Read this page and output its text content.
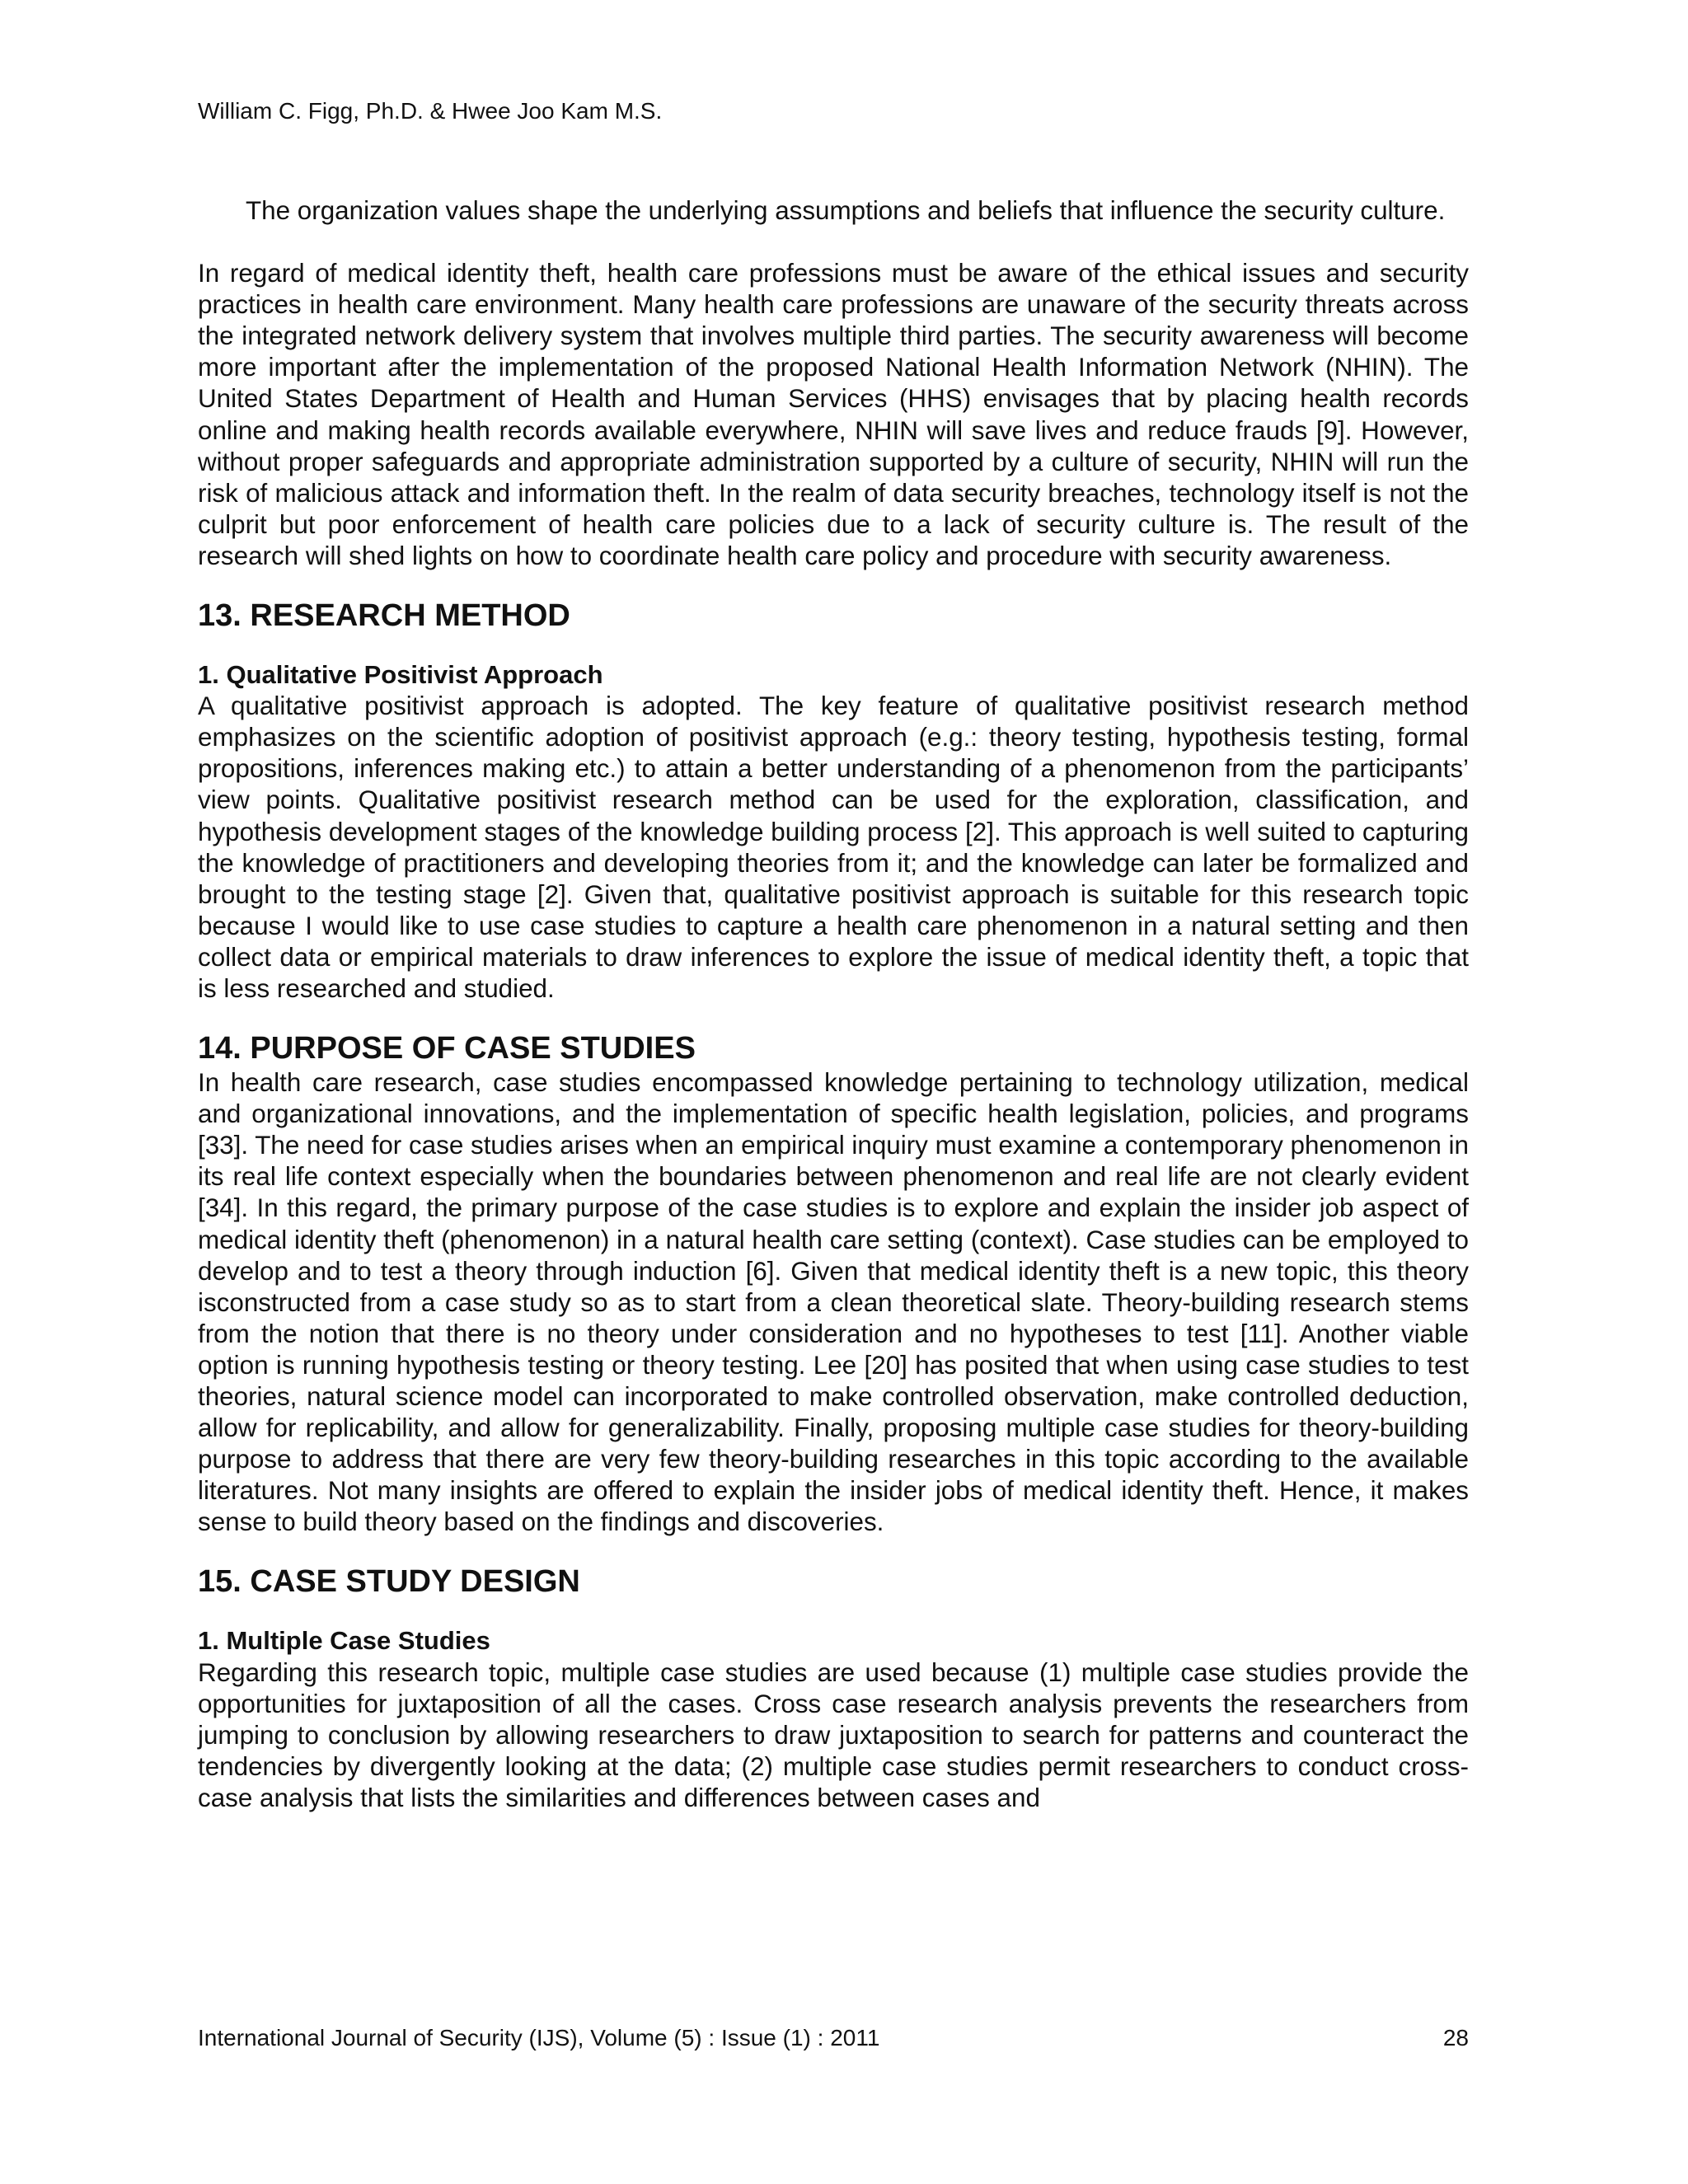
William C. Figg, Ph.D. & Hwee Joo Kam M.S.

The organization values shape the underlying assumptions and beliefs that influence the security culture.

In regard of medical identity theft, health care professions must be aware of the ethical issues and security practices in health care environment. Many health care professions are unaware of the security threats across the integrated network delivery system that involves multiple third parties. The security awareness will become more important after the implementation of the proposed National Health Information Network (NHIN). The United States Department of Health and Human Services (HHS) envisages that by placing health records online and making health records available everywhere, NHIN will save lives and reduce frauds [9]. However, without proper safeguards and appropriate administration supported by a culture of security, NHIN will run the risk of malicious attack and information theft. In the realm of data security breaches, technology itself is not the culprit but poor enforcement of health care policies due to a lack of security culture is. The result of the research will shed lights on how to coordinate health care policy and procedure with security awareness.

13. RESEARCH METHOD
1. Qualitative Positivist Approach

A qualitative positivist approach is adopted. The key feature of qualitative positivist research method emphasizes on the scientific adoption of positivist approach (e.g.: theory testing, hypothesis testing, formal propositions, inferences making etc.) to attain a better understanding of a phenomenon from the participants’ view points. Qualitative positivist research method can be used for the exploration, classification, and hypothesis development stages of the knowledge building process [2]. This approach is well suited to capturing the knowledge of practitioners and developing theories from it; and the knowledge can later be formalized and brought to the testing stage [2]. Given that, qualitative positivist approach is suitable for this research topic because I would like to use case studies to capture a health care phenomenon in a natural setting and then collect data or empirical materials to draw inferences to explore the issue of medical identity theft, a topic that is less researched and studied.

14. PURPOSE OF CASE STUDIES

In health care research, case studies encompassed knowledge pertaining to technology utilization, medical and organizational innovations, and the implementation of specific health legislation, policies, and programs [33]. The need for case studies arises when an empirical inquiry must examine a contemporary phenomenon in its real life context especially when the boundaries between phenomenon and real life are not clearly evident [34]. In this regard, the primary purpose of the case studies is to explore and explain the insider job aspect of medical identity theft (phenomenon) in a natural health care setting (context). Case studies can be employed to develop and to test a theory through induction [6]. Given that medical identity theft is a new topic, this theory isconstructed from a case study so as to start from a clean theoretical slate. Theory-building research stems from the notion that there is no theory under consideration and no hypotheses to test [11]. Another viable option is running hypothesis testing or theory testing. Lee [20] has posited that when using case studies to test theories, natural science model can incorporated to make controlled observation, make controlled deduction, allow for replicability, and allow for generalizability. Finally, proposing multiple case studies for theory-building purpose to address that there are very few theory-building researches in this topic according to the available literatures. Not many insights are offered to explain the insider jobs of medical identity theft. Hence, it makes sense to build theory based on the findings and discoveries.

15. CASE STUDY DESIGN
1. Multiple Case Studies

Regarding this research topic, multiple case studies are used because (1) multiple case studies provide the opportunities for juxtaposition of all the cases. Cross case research analysis prevents the researchers from jumping to conclusion by allowing researchers to draw juxtaposition to search for patterns and counteract the tendencies by divergently looking at the data; (2) multiple case studies permit researchers to conduct cross-case analysis that lists the similarities and differences between cases and

International Journal of Security (IJS), Volume (5) : Issue (1) : 2011	28
